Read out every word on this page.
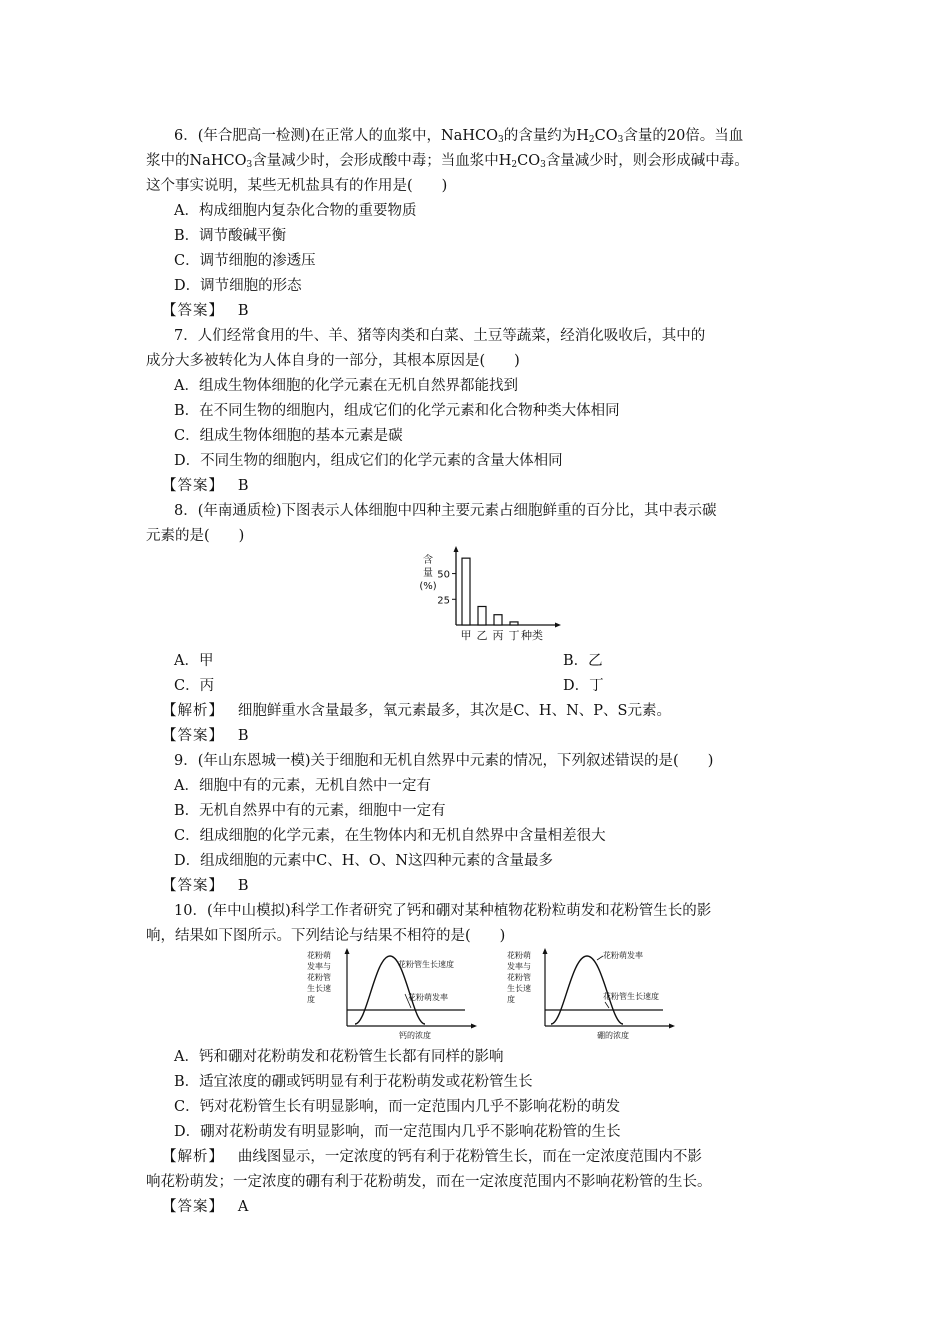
6．(年合肥高一检测)在正常人的血浆中，NaHCO$_3$的含量约为$H_2CO_3$含量的20倍。当血
浆中的NaHCO$_3$含量减少时，会形成酸中毒；当血浆中$H_2CO_3$含量减少时，则会形成碱中毒。
这个事实说明，某些无机盐具有的作用是(　　)
A．构成细胞内复杂化合物的重要物质
B．调节酸碱平衡
C．调节细胞的渗透压
D．调节细胞的形态
【答案】 B
7．人们经常食用的牛、羊、猪等肉类和白菜、土豆等蔬菜，经消化吸收后，其中的
成分大多被转化为人体自身的一部分，其根本原因是(　　)
A．组成生物体细胞的化学元素在无机自然界都能找到
B．在不同生物的细胞内，组成它们的化学元素和化合物种类大体相同
C．组成生物体细胞的基本元素是碳
D．不同生物的细胞内，组成它们的化学元素的含量大体相同
【答案】 B
8．(年南通质检)下图表示人体细胞中四种主要元素占细胞鲜重的百分比，其中表示碳
元素的是(　　)
含
量
(%)
25
50
甲 乙 丙 丁 种类
A．甲	B．乙
C．丙	D．丁
【解析】 细胞鲜重水含量最多，氧元素最多，其次是C、H、N、P、S元素。
【答案】 B
9．(年山东恩城一模)关于细胞和无机自然界中元素的情况，下列叙述错误的是(　　)
A．细胞中有的元素，无机自然中一定有
B．无机自然界中有的元素，细胞中一定有
C．组成细胞的化学元素，在生物体内和无机自然界中含量相差很大
D．组成细胞的元素中C、H、O、N这四种元素的含量最多
【答案】 B
10．(年中山模拟)科学工作者研究了钙和硼对某种植物花粉粒萌发和花粉管生长的影
响，结果如下图所示。下列结论与结果不相符的是(　　)
花粉萌
发率与
花粉管
生长速
度
花粉管生长速度
花粉萌发率
钙的浓度
花粉萌
发率与
花粉管
生长速
度
花粉萌发率
花粉管生长速度
硼的浓度
A．钙和硼对花粉萌发和花粉管生长都有同样的影响
B．适宜浓度的硼或钙明显有利于花粉萌发或花粉管生长
C．钙对花粉管生长有明显影响，而一定范围内几乎不影响花粉的萌发
D．硼对花粉萌发有明显影响，而一定范围内几乎不影响花粉管的生长
【解析】 曲线图显示，一定浓度的钙有利于花粉管生长，而在一定浓度范围内不影
响花粉萌发；一定浓度的硼有利于花粉萌发，而在一定浓度范围内不影响花粉管的生长。
【答案】 A
